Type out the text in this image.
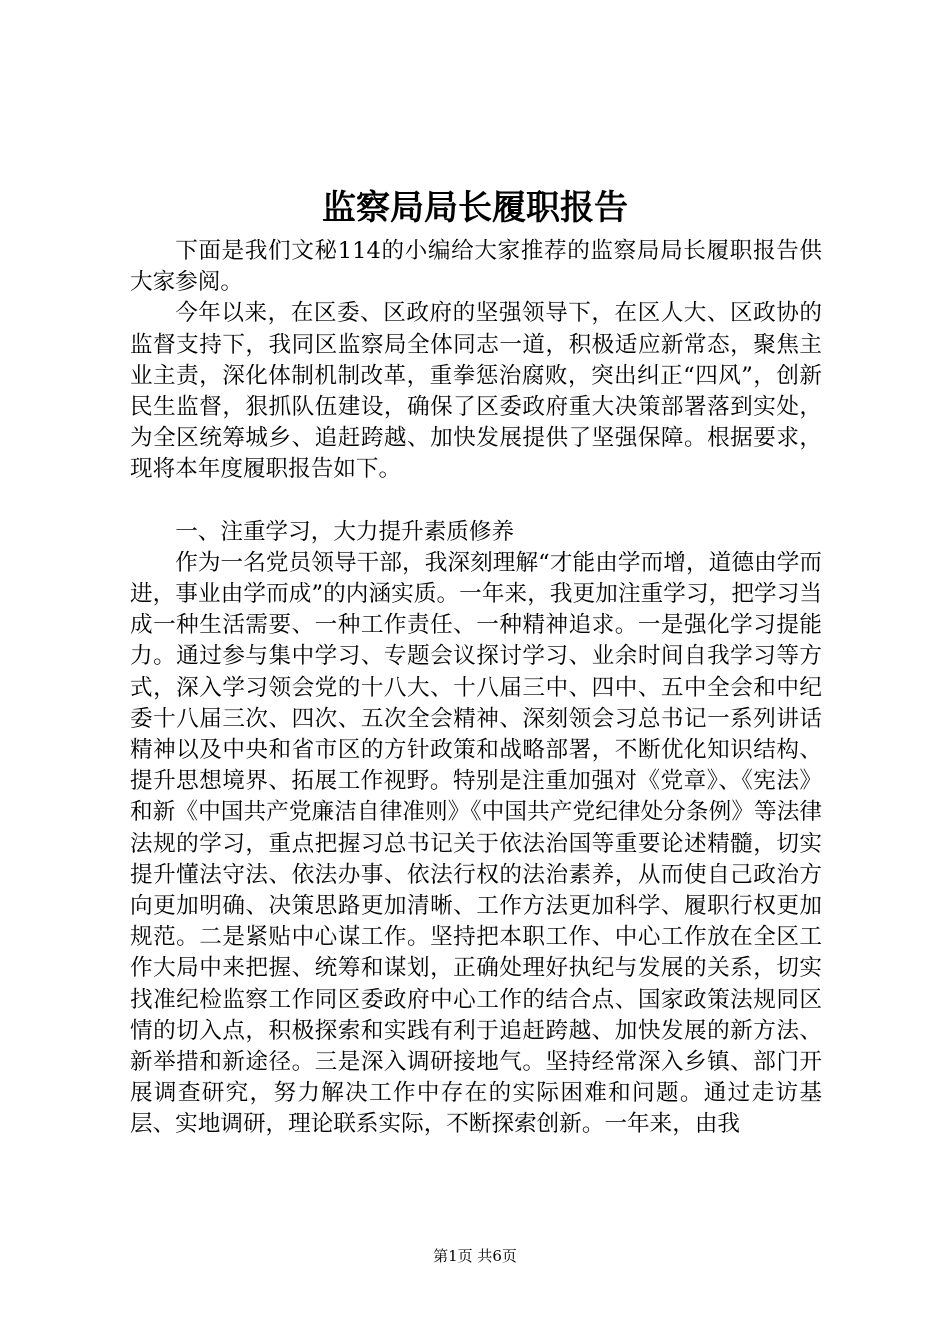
监察局局长履职报告

下面是我们文秘114的小编给大家推荐的监察局局长履职报告供大家参阅。

今年以来，在区委、区政府的坚强领导下，在区人大、区政协的监督支持下，我同区监察局全体同志一道，积极适应新常态，聚焦主业主责，深化体制机制改革，重拳惩治腐败，突出纠正“四风”，创新民生监督，狠抓队伍建设，确保了区委政府重大决策部署落到实处，为全区统筹城乡、追赶跨越、加快发展提供了坚强保障。根据要求，现将本年度履职报告如下。

一、注重学习，大力提升素质修养

作为一名党员领导干部，我深刻理解“才能由学而增，道德由学而进，事业由学而成”的内涵实质。一年来，我更加注重学习，把学习当成一种生活需要、一种工作责任、一种精神追求。一是强化学习提能力。通过参与集中学习、专题会议探讨学习、业余时间自我学习等方式，深入学习领会党的十八大、十八届三中、四中、五中全会和中纪委十八届三次、四次、五次全会精神、深刻领会习总书记一系列讲话精神以及中央和省市区的方针政策和战略部署，不断优化知识结构、提升思想境界、拓展工作视野。特别是注重加强对《党章》、《宪法》和新《中国共产党廉洁自律准则》《中国共产党纪律处分条例》等法律法规的学习，重点把握习总书记关于依法治国等重要论述精髓，切实提升懂法守法、依法办事、依法行权的法治素养，从而使自己政治方向更加明确、决策思路更加清晰、工作方法更加科学、履职行权更加规范。二是紧贴中心谋工作。坚持把本职工作、中心工作放在全区工作大局中来把握、统筹和谋划，正确处理好执纪与发展的关系，切实找准纪检监察工作同区委政府中心工作的结合点、国家政策法规同区情的切入点，积极探索和实践有利于追赶跨越、加快发展的新方法、新举措和新途径。三是深入调研接地气。坚持经常深入乡镇、部门开展调查研究，努力解决工作中存在的实际困难和问题。通过走访基层、实地调研，理论联系实际，不断探索创新。一年来，由我

第1页 共6页
